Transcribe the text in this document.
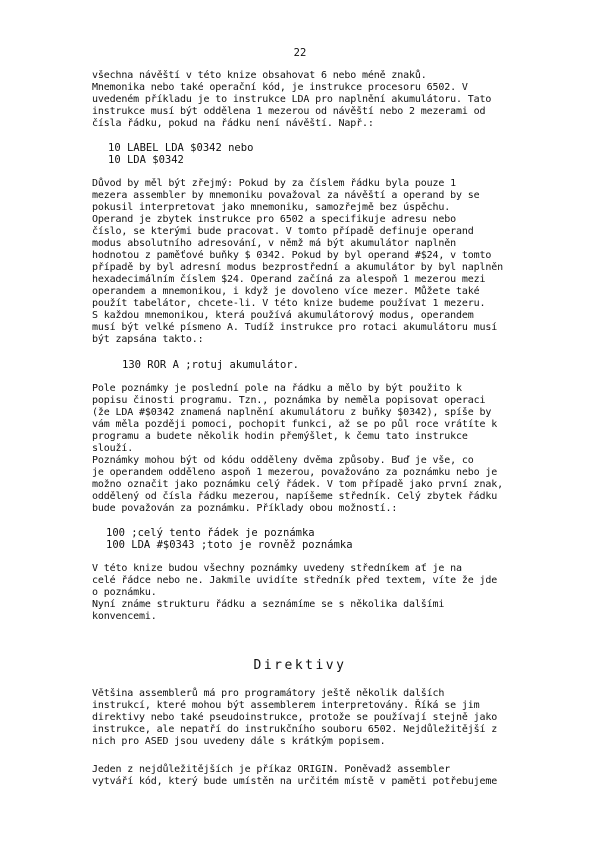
22
všechna návěští v této knize obsahovat 6 nebo méně znaků.
Mnemonika nebo také operační kód, je instrukce procesoru 6502. V
uvedeném příkladu je to instrukce LDA pro naplnění akumulátoru. Tato
instrukce musí být oddělena 1 mezerou od návěští nebo 2 mezerami od
čísla řádku, pokud na řádku není návěští. Např.:
10 LABEL LDA $0342 nebo
10 LDA $0342
Důvod by měl být zřejmý: Pokud by za číslem řádku byla pouze 1
mezera assembler by mnemoniku považoval za návěští a operand by se
pokusil interpretovat jako mnemoniku, samozřejmě bez úspěchu.
Operand je zbytek instrukce pro 6502 a specifikuje adresu nebo
číslo, se kterými bude pracovat. V tomto případě definuje operand
modus absolutního adresování, v němž má být akumulátor naplněn
hodnotou z paměťové buňky $ 0342. Pokud by byl operand #$24, v tomto
případě by byl adresní modus bezprostřední a akumulátor by byl naplněn
hexadecimálním číslem $24. Operand začíná za alespoň 1 mezerou mezi
operandem a mnemonikou, i když je dovoleno více mezer. Můžete také
použít tabelátor, chcete-li. V této knize budeme používat 1 mezeru.
S každou mnemonikou, která používá akumulátorový modus, operandem
musí být velké písmeno A. Tudíž instrukce pro rotaci akumulátoru musí
být zapsána takto.:
130 ROR A ;rotuj akumulátor.
Pole poznámky je poslední pole na řádku a mělo by být použito k
popisu činosti programu. Tzn., poznámka by neměla popisovat operaci
(že LDA #$0342 znamená naplnění akumulátoru z buňky $0342), spíše by
vám měla později pomoci, pochopit funkci, až se po půl roce vrátíte k
programu a budete několik hodin přemýšlet, k čemu tato instrukce
slouží.
Poznámky mohou být od kódu odděleny dvěma způsoby. Buď je vše, co
je operandem odděleno aspoň 1 mezerou, považováno za poznámku nebo je
možno označit jako poznámku celý řádek. V tom případě jako první znak,
oddělený od čísla řádku mezerou, napíšeme středník. Celý zbytek řádku
bude považován za poznámku. Příklady obou možností.:
100 ;celý tento řádek je poznámka
100 LDA #$0343 ;toto je rovněž poznámka
V této knize budou všechny poznámky uvedeny středníkem ať je na
celé řádce nebo ne. Jakmile uvidíte středník před textem, víte že jde
o poznámku.
Nyní známe strukturu řádku a seznámíme se s několika dalšími
konvencemi.
Direktivy
Většina assemblerů má pro programátory ještě několik dalších
instrukcí, které mohou být assemblerem interpretovány. Říká se jim
direktivy nebo také pseudoinstrukce, protože se používají stejně jako
instrukce, ale nepatří do instrukčního souboru 6502. Nejdůležitější z
nich pro ASED jsou uvedeny dále s krátkým popisem.
Jeden z nejdůležitějších je příkaz ORIGIN. Poněvadž assembler
vytváří kód, který bude umístěn na určitém místě v paměti potřebujeme
